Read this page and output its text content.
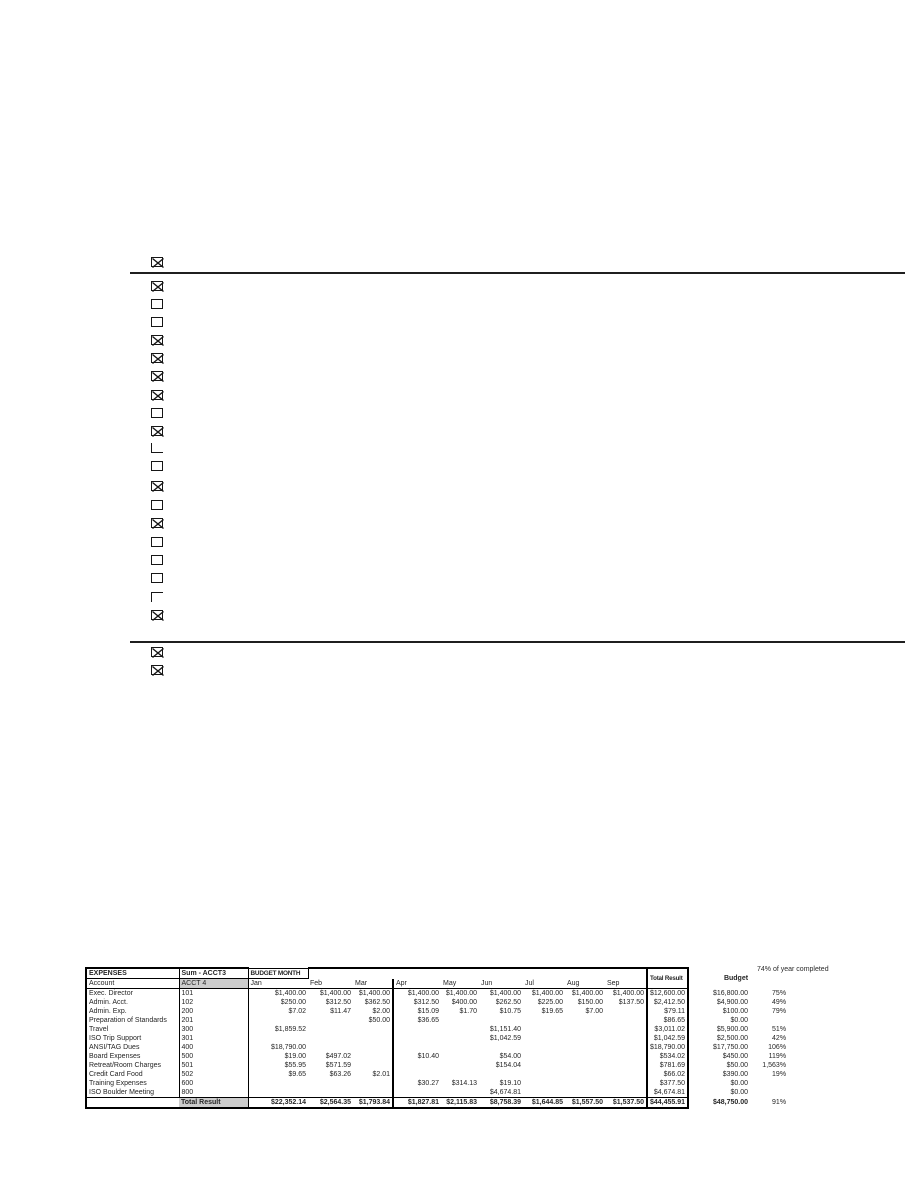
74% of year completed
EXPENSES	Sum - ACCT3	BUDGET MONTH									Total Result	Budget	
Account	ACCT 4	Jan	Feb	Mar	Apr	May	Jun	Jul	Aug	Sep			
Exec. Director	101	$1,400.00	$1,400.00	$1,400.00	$1,400.00	$1,400.00	$1,400.00	$1,400.00	$1,400.00	$1,400.00	$12,600.00	$16,800.00	75%
Admin. Acct.	102	$250.00	$312.50	$362.50	$312.50	$400.00	$262.50	$225.00	$150.00	$137.50	$2,412.50	$4,900.00	49%
Admin. Exp.	200	$7.02	$11.47	$2.00	$15.09	$1.70	$10.75	$19.65	$7.00		$79.11	$100.00	79%
Preparation of Standards	201			$50.00	$36.65						$86.65	$0.00	
Travel	300	$1,859.52					$1,151.40				$3,011.02	$5,900.00	51%
ISO Trip Support	301						$1,042.59				$1,042.59	$2,500.00	42%
ANSI/TAG Dues	400	$18,790.00									$18,790.00	$17,750.00	106%
Board Expenses	500	$19.00	$497.02		$10.40		$54.00				$534.02	$450.00	119%
Retreat/Room Charges	501	$55.95	$571.59				$154.04				$781.69	$50.00	1,563%
Credit Card Food	502	$9.65	$63.26	$2.01							$66.02	$390.00	19%
Training Expenses	600				$30.27	$314.13	$19.10				$377.50	$0.00	
ISO Boulder Meeting	800						$4,674.81				$4,674.81	$0.00	
	Total Result	$22,352.14	$2,564.35	$1,793.84	$1,827.81	$2,115.83	$8,758.39	$1,644.85	$1,557.50	$1,537.50	$44,455.91	$48,750.00	91%
